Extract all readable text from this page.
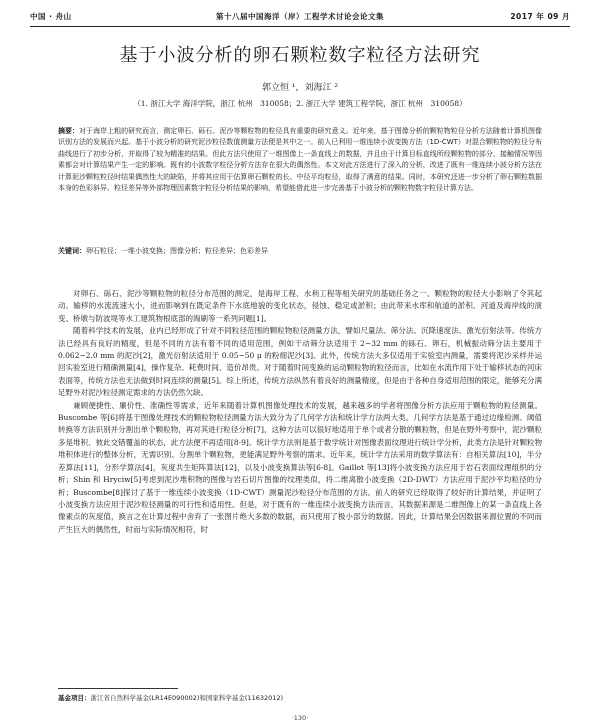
中国 · 舟山	第十八届中国海洋（岸）工程学术讨论会论文集	2017 年 09 月
基于小波分析的卵石颗粒数字粒径方法研究
郭立恒 ¹，刘海江 ²
（1. 浙江大学 海洋学院，浙江 杭州　310058；2. 浙江大学 建筑工程学院，浙江 杭州　310058）
摘要：对于海岸上粗的研究而言，测定卵石、砾石、泥沙等颗粒物的粒径具有重要的研究意义。近年来，基于图像分析的颗粒物粒径分析方法随着计算机图像识别方法的发展而兴起。基于小波分析的研究泥沙粒径数值测量方法便是其中之一。前人已利用一维连续小波变换方法（1D-CWT）对混合颗粒物的粒径分布曲线进行了初步分析，并取得了较为精准的结果。但此方法只使用了一维图像上一条直线上的数据，并且由于计算目标直线所经颗粒物的部分、接触情况等因素都会对计算结果产生一定的影响。既有的小波数字粒径分析方法存在很大的偶然性。本文对此方法进行了深入的分析，改进了既有一维连续小波分析方法在计算泥沙颗粒粒径时结果偶然性大的缺陷，并将其应用于估算卵石颗粒的长、中径平均粒径，取得了满意的结果。同时，本研究还进一步分析了卵石颗粒数据本身的色彩斜异、粒径差异等外部物理因素数字粒径分析结果的影响，希望能借此进一步完善基于小波分析的颗粒物数字粒径计算方法。
关键词：卵石粒径；一维小波变换；图像分析；粒径差异；色彩差异

对卵石、砾石、泥沙等颗粒物的粒径分布范围的测定，是海岸工程、水利工程等相关研究的基础任务之一。颗粒物的粒径大小影响了令其起动、输移的水流流速大小，进而影响到在既定条件下水底地貌的变化状态，侵蚀、稳定或淤积；由此带来水库和航道的淤积、河道及海岸线的演变、桥墩与防波堤等水工建筑物根底部的淘刷等一系列问题[1]。

随着科学技术的发展，业内已经形成了针对不同粒径范围的颗粒物粒径测量方法，譬如尺量法、筛分法、沉降速度法、激光衍射法等。传统方法已经具有良好的精度，但是不同的方法有着不同的适用范围，例如干动筛分法适用于 2~32 mm 的砾石、卵石，机械振动筛分法主要用于 0.062~2.0 mm 的泥沙[2]，激光衍射法适用于 0.05~50 μ 的粉细泥沙[3]。此外，传统方法大多仅适用于实验室内测量，需要将泥沙采样并运回实验室进行精确测量[4]，操作复杂、耗费时间、造价昂贵。对于随着时间变换的运动颗粒物的粒径而言，比如在水流作用下处于输移状态的河床表面等，传统方法也无法做到时间连续的测量[5]。综上所述，传统方法纵然有着良好的测量精度，但是由于各种自身适用范围的限定，能够充分满足野外对泥沙粒径测定需求的方法仍然欠缺。

兼顾便捷性、廉价性、准确性等需求，近年来随着计算机图像处理技术的发展，越来越多的学者将图像分析方法应用于颗粒物的粒径测量。Buscombe 等[6]将基于图像处理技术的颗粒物粒径测量方法大致分为了几何学方法和统计学方法两大类。几何学方法是基于通过边缘检测、阈值转换等方法识别并分割出单个颗粒物，再对其进行粒径分析[7]，这种方法可以很好地适用于单个或者分散的颗粒物，但是在野外考察中，泥沙颗粒多是堆积、彼此交错覆盖的状态，此方法便不再适用[8-9]。统计学方法则是基于数学统计对图像表面纹理进行统计学分析，此类方法是针对颗粒物堆积体进行的整体分析，无需识别、分割单个颗粒物，更能满足野外考察的需求。近年来，统计学方法采用的数学算法有：自相关算法[10]，半分差算法[11]，分形学算法[4]，灰度共生矩阵算法[12]，以及小波变换算法等[6-8]。Gaillot 等[13]将小波变换方法应用于岩石表面纹理组织的分析；Shin 和 Hryciw[5]考虑到泥沙堆积物的图像与岩石切片图像的纹理类似，将二维离散小波变换（2D-DWT）方法应用于泥沙平均粒径的分析；Buscombe[8]探讨了基于一维连续小波变换（1D-CWT）测量泥沙粒径分布范围的方法。前人的研究已经取得了较好的计算结果，并证明了小波变换方法应用于泥沙粒径测量的可行性和适用性。但是，对于既有的一维连续小波变换方法而言，其数据来源是二维图像上的某一条直线上各像素点的灰度值，换言之在计算过程中舍弃了一张图片绝大多数的数据，而只使用了极小部分的数据。因此，计算结果会因数据来源位置的不同而产生巨大的偶然性，时而与实际情况相符，时

基金项目：浙江省自然科学基金(LR14E090002)和国家科学基金(11632012)
·130·
